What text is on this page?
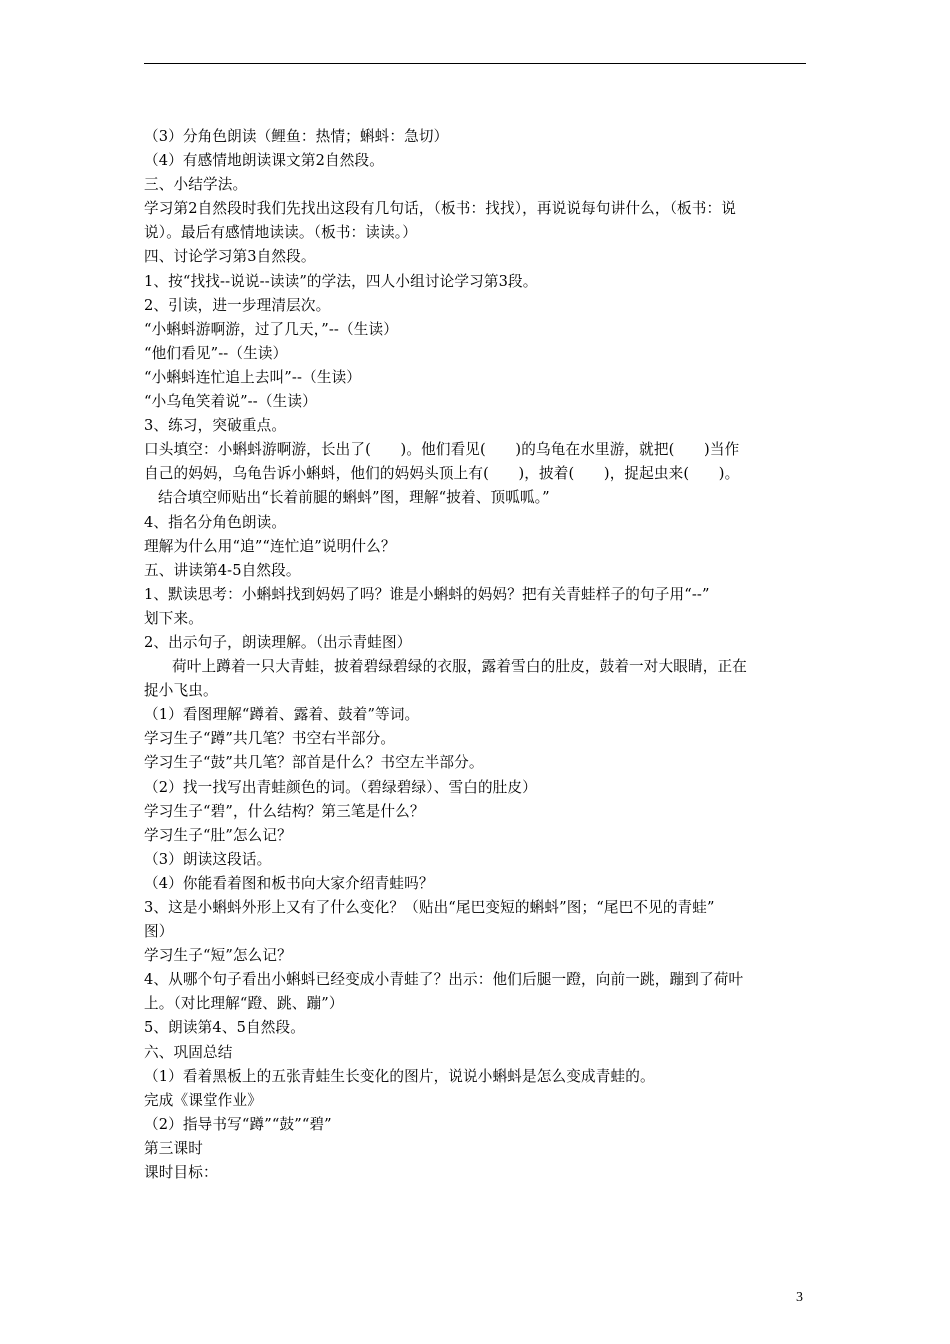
（3）分角色朗读（鲤鱼：热情；蝌蚪：急切）
（4）有感情地朗读课文第2自然段。
三、小结学法。
学习第2自然段时我们先找出这段有几句话，（板书：找找），再说说每句讲什么，（板书：说
说）。最后有感情地读读。（板书：读读。）
四、讨论学习第3自然段。
1、按“找找--说说--读读”的学法，四人小组讨论学习第3段。
2、引读，进一步理清层次。
“小蝌蚪游啊游，过了几天，”--（生读）
“他们看见”--（生读）
“小蝌蚪连忙追上去叫”--（生读）
“小乌龟笑着说”--（生读）
3、练习，突破重点。
口头填空：小蝌蚪游啊游，长出了(　　)。他们看见(　　)的乌龟在水里游，就把(　　)当作
自己的妈妈，乌龟告诉小蝌蚪，他们的妈妈头顶上有(　　)，披着(　　)，捉起虫来(　　)。
结合填空师贴出“长着前腿的蝌蚪”图，理解“披着、顶呱呱。”
4、指名分角色朗读。
理解为什么用“追”“连忙追”说明什么？
五、讲读第4-5自然段。
1、默读思考：小蝌蚪找到妈妈了吗？谁是小蝌蚪的妈妈？把有关青蛙样子的句子用“--”
划下来。
2、出示句子，朗读理解。（出示青蛙图）
荷叶上蹲着一只大青蛙，披着碧绿碧绿的衣服，露着雪白的肚皮，鼓着一对大眼睛，正在
捉小飞虫。
（1）看图理解“蹲着、露着、鼓着”等词。
学习生子“蹲”共几笔？书空右半部分。
学习生子“鼓”共几笔？部首是什么？书空左半部分。
（2）找一找写出青蛙颜色的词。（碧绿碧绿）、雪白的肚皮）
学习生子“碧”，什么结构？第三笔是什么？
学习生子“肚”怎么记？
（3）朗读这段话。
（4）你能看着图和板书向大家介绍青蛙吗？
3、这是小蝌蚪外形上又有了什么变化？（贴出“尾巴变短的蝌蚪”图；“尾巴不见的青蛙”
图）
学习生子“短”怎么记？
4、从哪个句子看出小蝌蚪已经变成小青蛙了？出示：他们后腿一蹬，向前一跳，蹦到了荷叶
上。（对比理解“蹬、跳、蹦”）
5、朗读第4、5自然段。
六、巩固总结
（1）看着黑板上的五张青蛙生长变化的图片，说说小蝌蚪是怎么变成青蛙的。
完成《课堂作业》
（2）指导书写“蹲”“鼓”“碧”
第三课时
课时目标：
3
